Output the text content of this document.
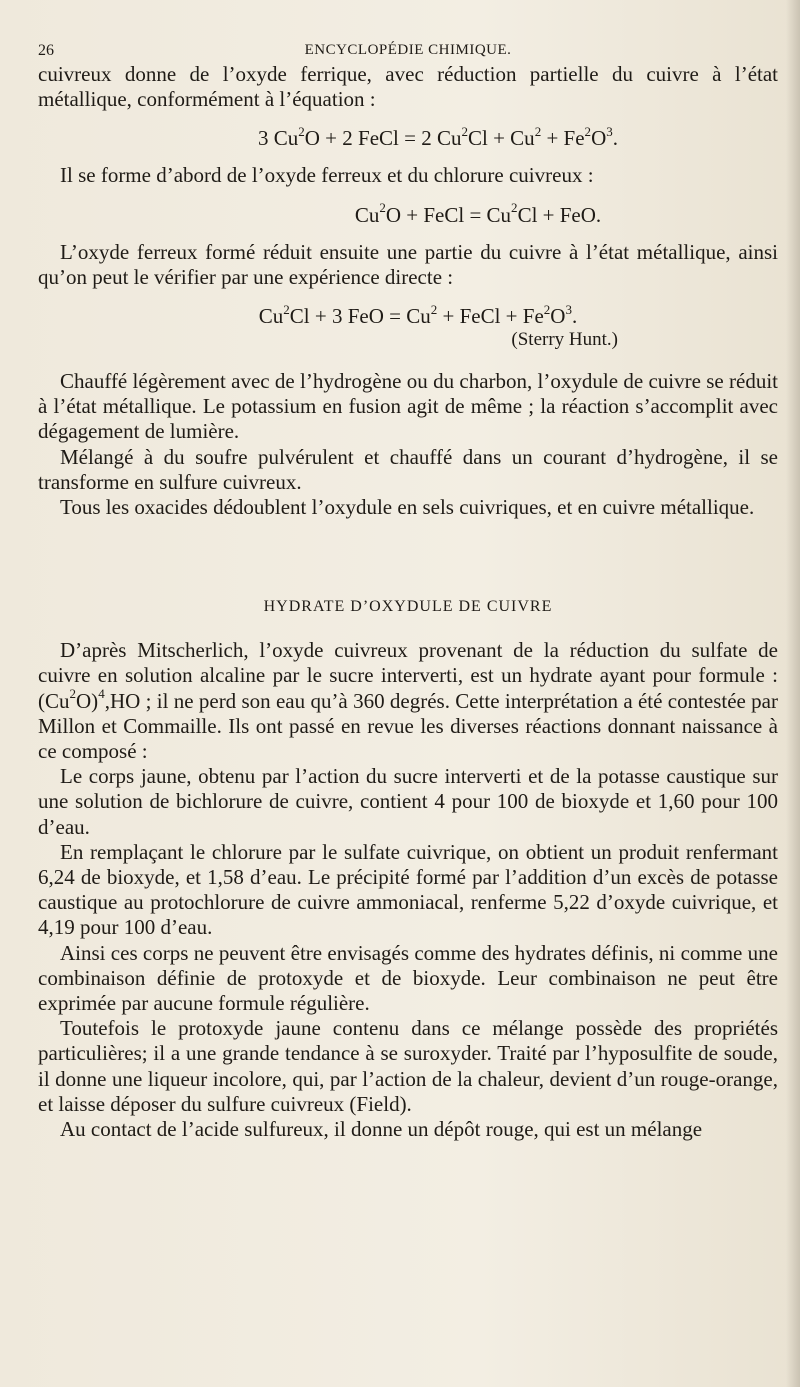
26	ENCYCLOPÉDIE CHIMIQUE.

cuivreux donne de l’oxyde ferrique, avec réduction partielle du cuivre à l’état métallique, conformément à l’équation :

3 $Cu^2O + 2$ FeCl = 2 $Cu^2Cl + Cu^2 + Fe^2O^3$.

Il se forme d’abord de l’oxyde ferreux et du chlorure cuivreux :

$Cu^2O$ + FeCl = $Cu^2Cl$ + FeO.

L’oxyde ferreux formé réduit ensuite une partie du cuivre à l’état métallique, ainsi qu’on peut le vérifier par une expérience directe :

$Cu^2Cl + 3$ FeO = $Cu^2$ + FeCl + $Fe^2O^3$.
(Sterry Hunt.)

Chauffé légèrement avec de l’hydrogène ou du charbon, l’oxydule de cuivre se réduit à l’état métallique. Le potassium en fusion agit de même ; la réaction s’accomplit avec dégagement de lumière.

Mélangé à du soufre pulvérulent et chauffé dans un courant d’hydrogène, il se transforme en sulfure cuivreux.

Tous les oxacides dédoublent l’oxydule en sels cuivriques, et en cuivre métallique.

HYDRATE D’OXYDULE DE CUIVRE

D’après Mitscherlich, l’oxyde cuivreux provenant de la réduction du sulfate de cuivre en solution alcaline par le sucre interverti, est un hydrate ayant pour formule : $(Cu^2O)^4,HO$ ; il ne perd son eau qu’à 360 degrés. Cette interprétation a été contestée par Millon et Commaille. Ils ont passé en revue les diverses réactions donnant naissance à ce composé :

Le corps jaune, obtenu par l’action du sucre interverti et de la potasse caustique sur une solution de bichlorure de cuivre, contient 4 pour 100 de bioxyde et 1,60 pour 100 d’eau.

En remplaçant le chlorure par le sulfate cuivrique, on obtient un produit renfermant 6,24 de bioxyde, et 1,58 d’eau. Le précipité formé par l’addition d’un excès de potasse caustique au protochlorure de cuivre ammoniacal, renferme 5,22 d’oxyde cuivrique, et 4,19 pour 100 d’eau.

Ainsi ces corps ne peuvent être envisagés comme des hydrates définis, ni comme une combinaison définie de protoxyde et de bioxyde. Leur combinaison ne peut être exprimée par aucune formule régulière.

Toutefois le protoxyde jaune contenu dans ce mélange possède des propriétés particulières; il a une grande tendance à se suroxyder. Traité par l’hyposulfite de soude, il donne une liqueur incolore, qui, par l’action de la chaleur, devient d’un rouge-orange, et laisse déposer du sulfure cuivreux (Field).

Au contact de l’acide sulfureux, il donne un dépôt rouge, qui est un mélange
